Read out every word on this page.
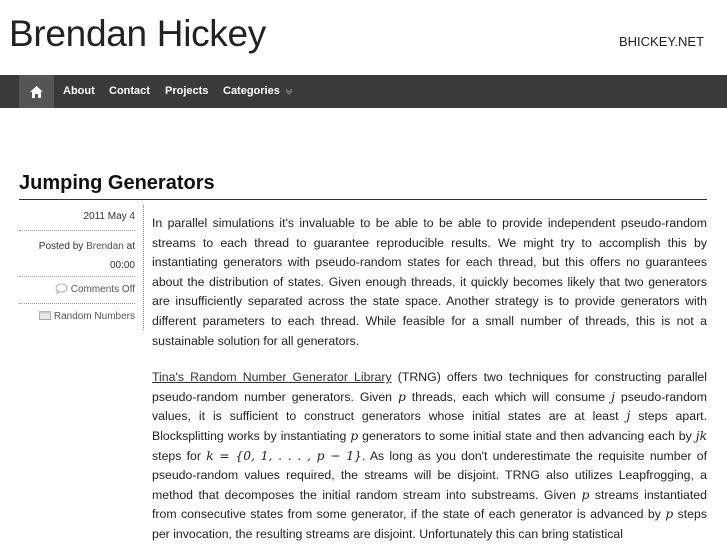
Brendan Hickey	BHICKEY.NET
About Contact Projects Categories
Jumping Generators
2011 May 4
Posted by Brendan at
00:00
Comments Off
Random Numbers

In parallel simulations it's invaluable to be able to be able to provide independent pseudo-random streams to each thread to guarantee reproducible results. We might try to accomplish this by instantiating generators with pseudo-random states for each thread, but this offers no guarantees about the distribution of states. Given enough threads, it quickly becomes likely that two generators are insufficiently separated across the state space. Another strategy is to provide generators with different parameters to each thread. While feasible for a small number of threads, this is not a sustainable solution for all generators.

Tina's Random Number Generator Library (TRNG) offers two techniques for constructing parallel pseudo-random number generators. Given p threads, each which will consume j pseudo-random values, it is sufficient to construct generators whose initial states are at least j steps apart. Blocksplitting works by instantiating p generators to some initial state and then advancing each by jk steps for k = {0, 1, . . . , p − 1}. As long as you don't underestimate the requisite number of pseudo-random values required, the streams will be disjoint. TRNG also utilizes Leapfrogging, a method that decomposes the initial random stream into substreams. Given p streams instantiated from consecutive states from some generator, if the state of each generator is advanced by p steps per invocation, the resulting streams are disjoint. Unfortunately this can bring statistical
